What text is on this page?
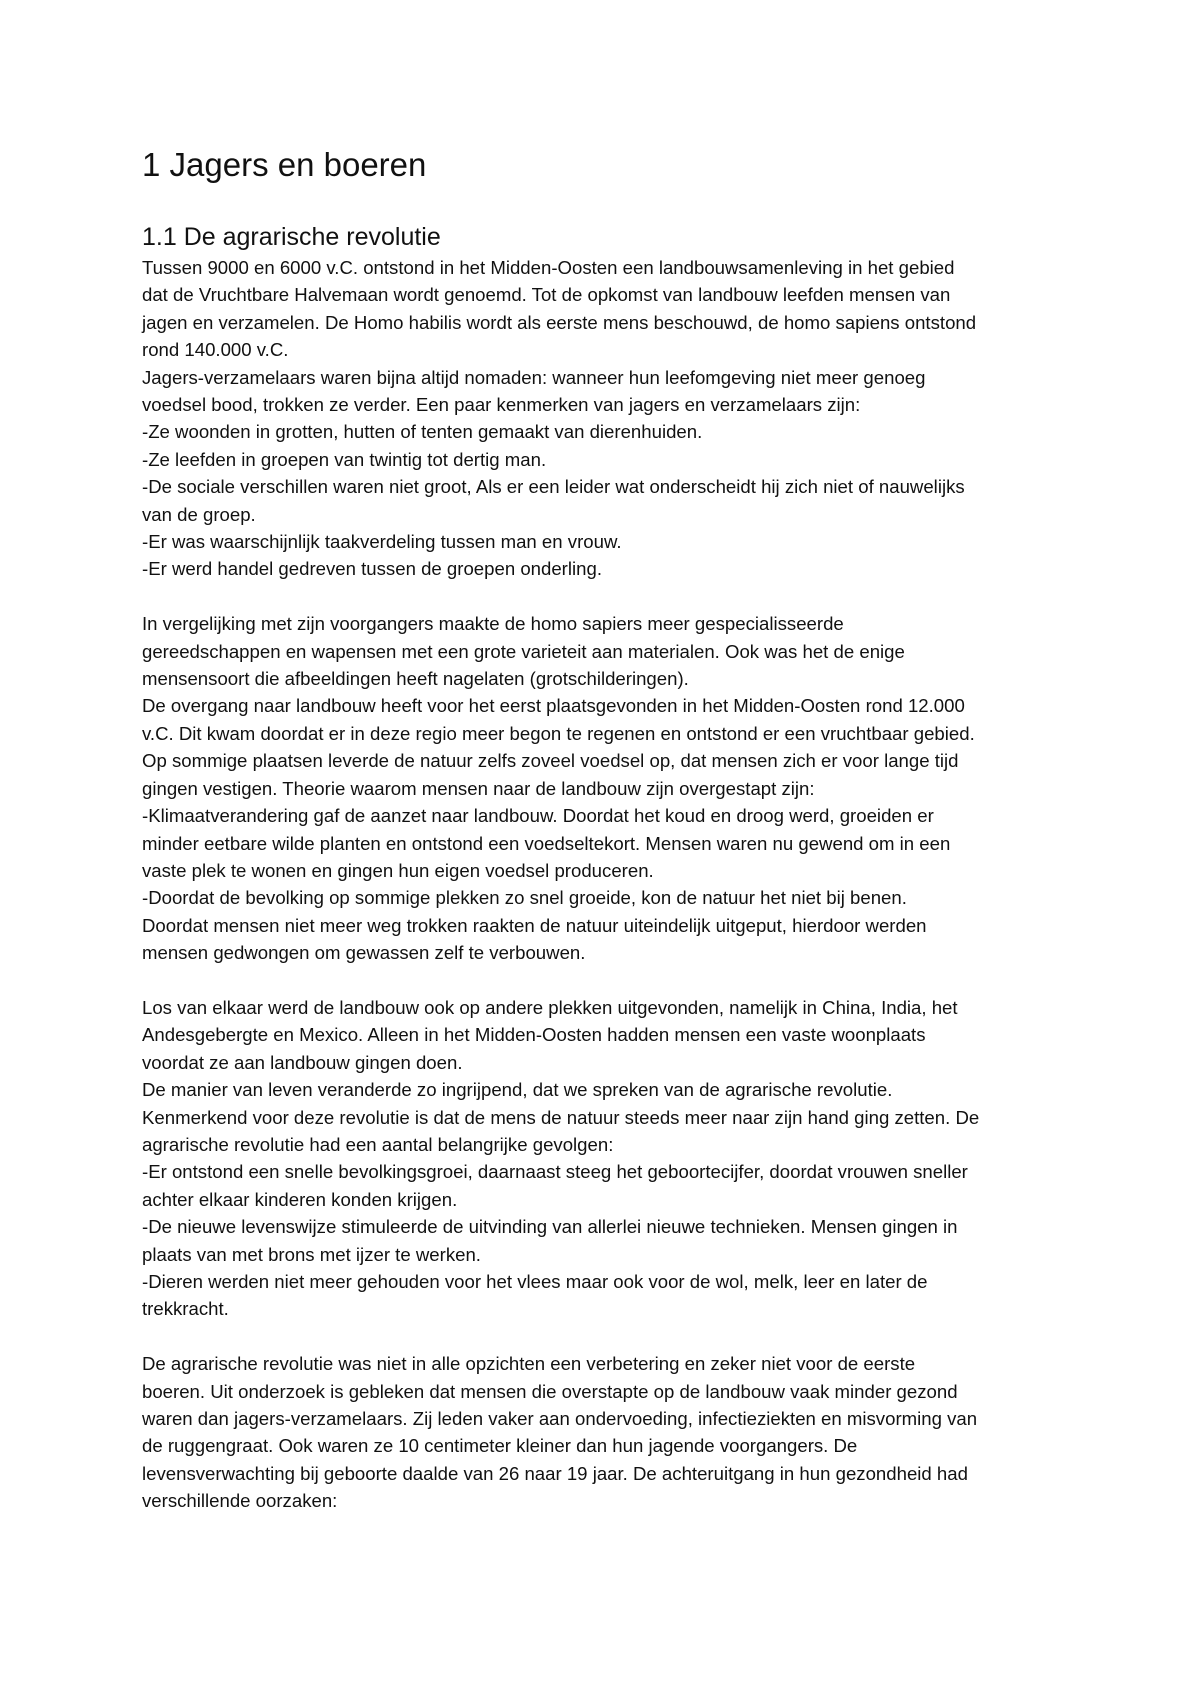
1 Jagers en boeren
1.1 De agrarische revolutie
Tussen 9000 en 6000 v.C. ontstond in het Midden-Oosten een landbouwsamenleving in het gebied
dat de Vruchtbare Halvemaan wordt genoemd. Tot de opkomst van landbouw leefden mensen van
jagen en verzamelen. De Homo habilis wordt als eerste mens beschouwd, de homo sapiens ontstond
rond 140.000 v.C.
Jagers-verzamelaars waren bijna altijd nomaden: wanneer hun leefomgeving niet meer genoeg
voedsel bood, trokken ze verder. Een paar kenmerken van jagers en verzamelaars zijn:
-Ze woonden in grotten, hutten of tenten gemaakt van dierenhuiden.
-Ze leefden in groepen van twintig tot dertig man.
-De sociale verschillen waren niet groot, Als er een leider wat onderscheidt hij zich niet of nauwelijks
van de groep.
-Er was waarschijnlijk taakverdeling tussen man en vrouw.
-Er werd handel gedreven tussen de groepen onderling.
In vergelijking met zijn voorgangers maakte de homo sapiers meer gespecialisseerde
gereedschappen en wapensen met een grote varieteit aan materialen. Ook was het de enige
mensensoort die afbeeldingen heeft nagelaten (grotschilderingen).
De overgang naar landbouw heeft voor het eerst plaatsgevonden in het Midden-Oosten rond 12.000
v.C. Dit kwam doordat er in deze regio meer begon te regenen en ontstond er een vruchtbaar gebied.
Op sommige plaatsen leverde de natuur zelfs zoveel voedsel op, dat mensen zich er voor lange tijd
gingen vestigen. Theorie waarom mensen naar de landbouw zijn overgestapt zijn:
-Klimaatverandering gaf de aanzet naar landbouw. Doordat het koud en droog werd, groeiden er
minder eetbare wilde planten en ontstond een voedseltekort. Mensen waren nu gewend om in een
vaste plek te wonen en gingen hun eigen voedsel produceren.
-Doordat de bevolking op sommige plekken zo snel groeide, kon de natuur het niet bij benen.
Doordat mensen niet meer weg trokken raakten de natuur uiteindelijk uitgeput, hierdoor werden
mensen gedwongen om gewassen zelf te verbouwen.
Los van elkaar werd de landbouw ook op andere plekken uitgevonden, namelijk in China, India, het
Andesgebergte en Mexico. Alleen in het Midden-Oosten hadden mensen een vaste woonplaats
voordat ze aan landbouw gingen doen.
De manier van leven veranderde zo ingrijpend, dat we spreken van de agrarische revolutie.
Kenmerkend voor deze revolutie is dat de mens de natuur steeds meer naar zijn hand ging zetten. De
agrarische revolutie had een aantal belangrijke gevolgen:
-Er ontstond een snelle bevolkingsgroei, daarnaast steeg het geboortecijfer, doordat vrouwen sneller
achter elkaar kinderen konden krijgen.
-De nieuwe levenswijze stimuleerde de uitvinding van allerlei nieuwe technieken. Mensen gingen in
plaats van met brons met ijzer te werken.
-Dieren werden niet meer gehouden voor het vlees maar ook voor de wol, melk, leer en later de
trekkracht.
De agrarische revolutie was niet in alle opzichten een verbetering en zeker niet voor de eerste
boeren. Uit onderzoek is gebleken dat mensen die overstapte op de landbouw vaak minder gezond
waren dan jagers-verzamelaars. Zij leden vaker aan ondervoeding, infectieziekten en misvorming van
de ruggengraat. Ook waren ze 10 centimeter kleiner dan hun jagende voorgangers. De
levensverwachting bij geboorte daalde van 26 naar 19 jaar. De achteruitgang in hun gezondheid had
verschillende oorzaken:
